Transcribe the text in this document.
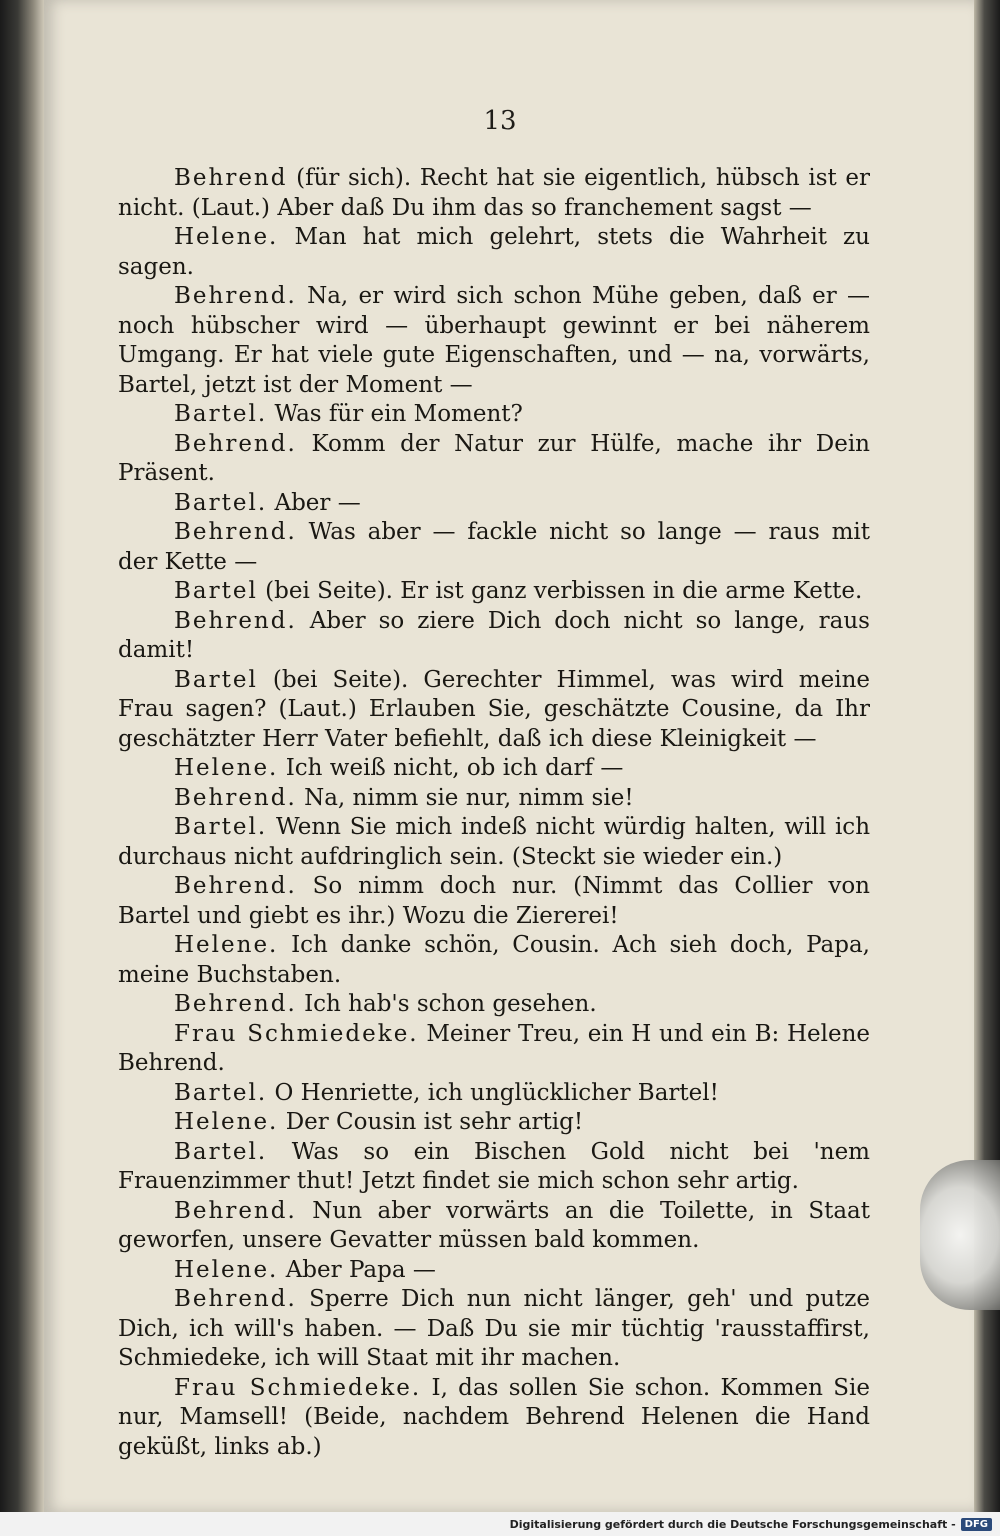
13

Behrend (für sich). Recht hat sie eigentlich, hübsch ist er nicht. (Laut.) Aber daß Du ihm das so franchement sagst —

Helene. Man hat mich gelehrt, stets die Wahrheit zu sagen.

Behrend. Na, er wird sich schon Mühe geben, daß er — noch hübscher wird — überhaupt gewinnt er bei näherem Umgang. Er hat viele gute Eigenschaften, und — na, vorwärts, Bartel, jetzt ist der Moment —

Bartel. Was für ein Moment?

Behrend. Komm der Natur zur Hülfe, mache ihr Dein Präsent.

Bartel. Aber —

Behrend. Was aber — fackle nicht so lange — raus mit der Kette —

Bartel (bei Seite). Er ist ganz verbissen in die arme Kette.

Behrend. Aber so ziere Dich doch nicht so lange, raus damit!

Bartel (bei Seite). Gerechter Himmel, was wird meine Frau sagen? (Laut.) Erlauben Sie, geschätzte Cousine, da Ihr geschätzter Herr Vater befiehlt, daß ich diese Kleinigkeit —

Helene. Ich weiß nicht, ob ich darf —

Behrend. Na, nimm sie nur, nimm sie!

Bartel. Wenn Sie mich indeß nicht würdig halten, will ich durchaus nicht aufdringlich sein. (Steckt sie wieder ein.)

Behrend. So nimm doch nur. (Nimmt das Collier von Bartel und giebt es ihr.) Wozu die Ziererei!

Helene. Ich danke schön, Cousin. Ach sieh doch, Papa, meine Buchstaben.

Behrend. Ich hab's schon gesehen.

Frau Schmiedeke. Meiner Treu, ein H und ein B: Helene Behrend.

Bartel. O Henriette, ich unglücklicher Bartel!

Helene. Der Cousin ist sehr artig!

Bartel. Was so ein Bischen Gold nicht bei 'nem Frauenzimmer thut! Jetzt findet sie mich schon sehr artig.

Behrend. Nun aber vorwärts an die Toilette, in Staat geworfen, unsere Gevatter müssen bald kommen.

Helene. Aber Papa —

Behrend. Sperre Dich nun nicht länger, geh' und putze Dich, ich will's haben. — Daß Du sie mir tüchtig 'rausstaffirst, Schmiedeke, ich will Staat mit ihr machen.

Frau Schmiedeke. I, das sollen Sie schon. Kommen Sie nur, Mamsell! (Beide, nachdem Behrend Helenen die Hand geküßt, links ab.)

Digitalisierung gefördert durch die Deutsche Forschungsgemeinschaft - DFG
